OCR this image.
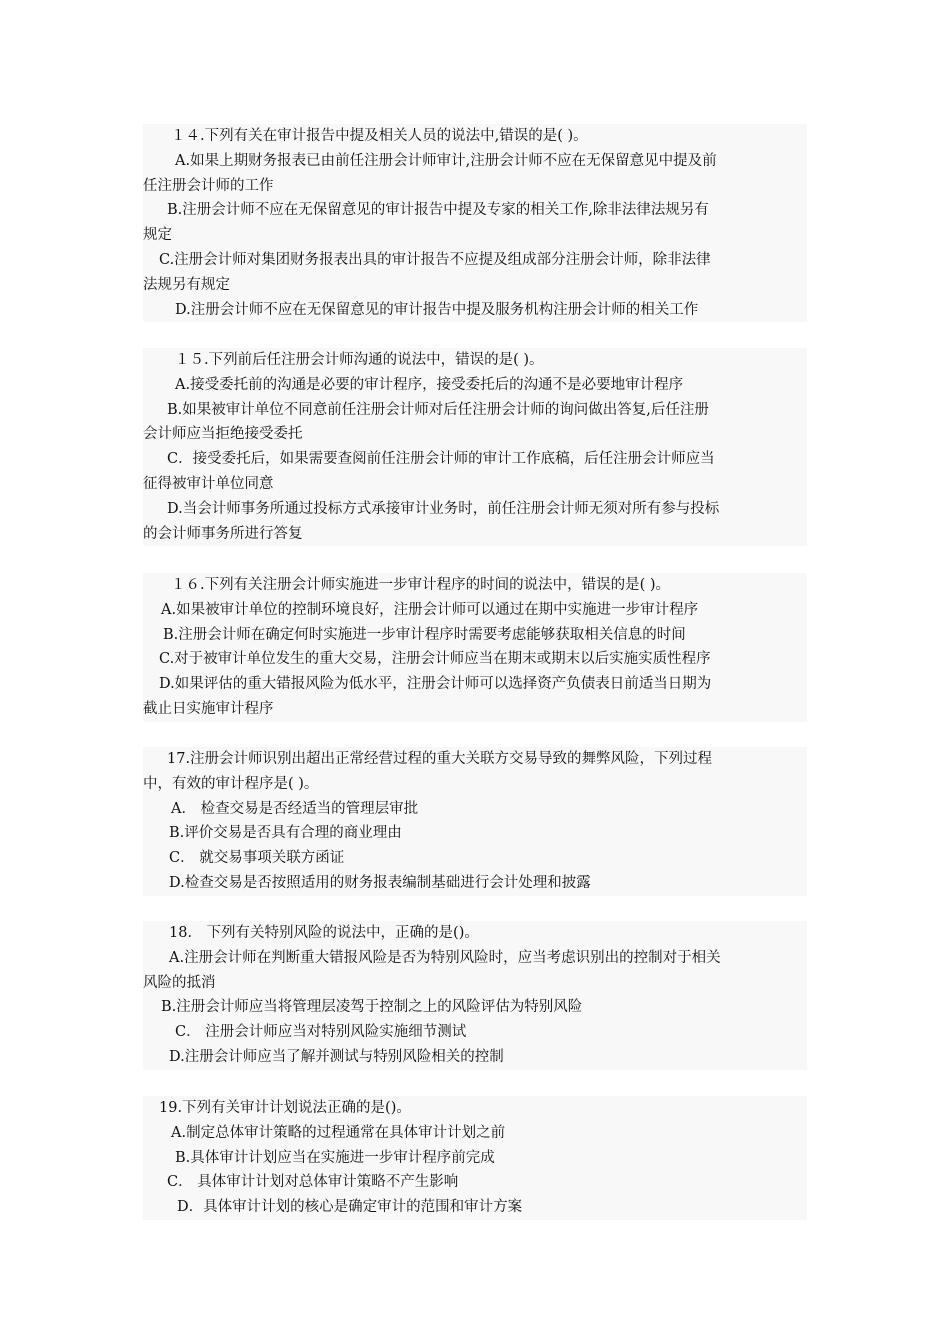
１４.下列有关在审计报告中提及相关人员的说法中,错误的是( )。
A.如果上期财务报表已由前任注册会计师审计,注册会计师不应在无保留意见中提及前
任注册会计师的工作
B.注册会计师不应在无保留意见的审计报告中提及专家的相关工作,除非法律法规另有
规定
C.注册会计师对集团财务报表出具的审计报告不应提及组成部分注册会计师，除非法律
法规另有规定
D.注册会计师不应在无保留意见的审计报告中提及服务机构注册会计师的相关工作
１５.下列前后任注册会计师沟通的说法中，错误的是( )。
A.接受委托前的沟通是必要的审计程序，接受委托后的沟通不是必要地审计程序
B.如果被审计单位不同意前任注册会计师对后任注册会计师的询问做出答复,后任注册
会计师应当拒绝接受委托
C．接受委托后，如果需要查阅前任注册会计师的审计工作底稿，后任注册会计师应当
征得被审计单位同意
D.当会计师事务所通过投标方式承接审计业务时，前任注册会计师无须对所有参与投标
的会计师事务所进行答复
１６.下列有关注册会计师实施进一步审计程序的时间的说法中，错误的是( )。
A.如果被审计单位的控制环境良好，注册会计师可以通过在期中实施进一步审计程序
B.注册会计师在确定何时实施进一步审计程序时需要考虑能够获取相关信息的时间
C.对于被审计单位发生的重大交易，注册会计师应当在期末或期末以后实施实质性程序
D.如果评估的重大错报风险为低水平，注册会计师可以选择资产负债表日前适当日期为
截止日实施审计程序
17.注册会计师识别出超出正常经营过程的重大关联方交易导致的舞弊风险，下列过程
中，有效的审计程序是( )。
A． 检查交易是否经适当的管理层审批
B.评价交易是否具有合理的商业理由
C． 就交易事项关联方函证
D.检查交易是否按照适用的财务报表编制基础进行会计处理和披露
18． 下列有关特别风险的说法中，正确的是()。
A.注册会计师在判断重大错报风险是否为特别风险时，应当考虑识别出的控制对于相关
风险的抵消
B.注册会计师应当将管理层凌驾于控制之上的风险评估为特别风险
C． 注册会计师应当对特别风险实施细节测试
D.注册会计师应当了解并测试与特别风险相关的控制
19.下列有关审计计划说法正确的是()。
A.制定总体审计策略的过程通常在具体审计计划之前
B.具体审计计划应当在实施进一步审计程序前完成
C． 具体审计计划对总体审计策略不产生影响
D．具体审计计划的核心是确定审计的范围和审计方案
